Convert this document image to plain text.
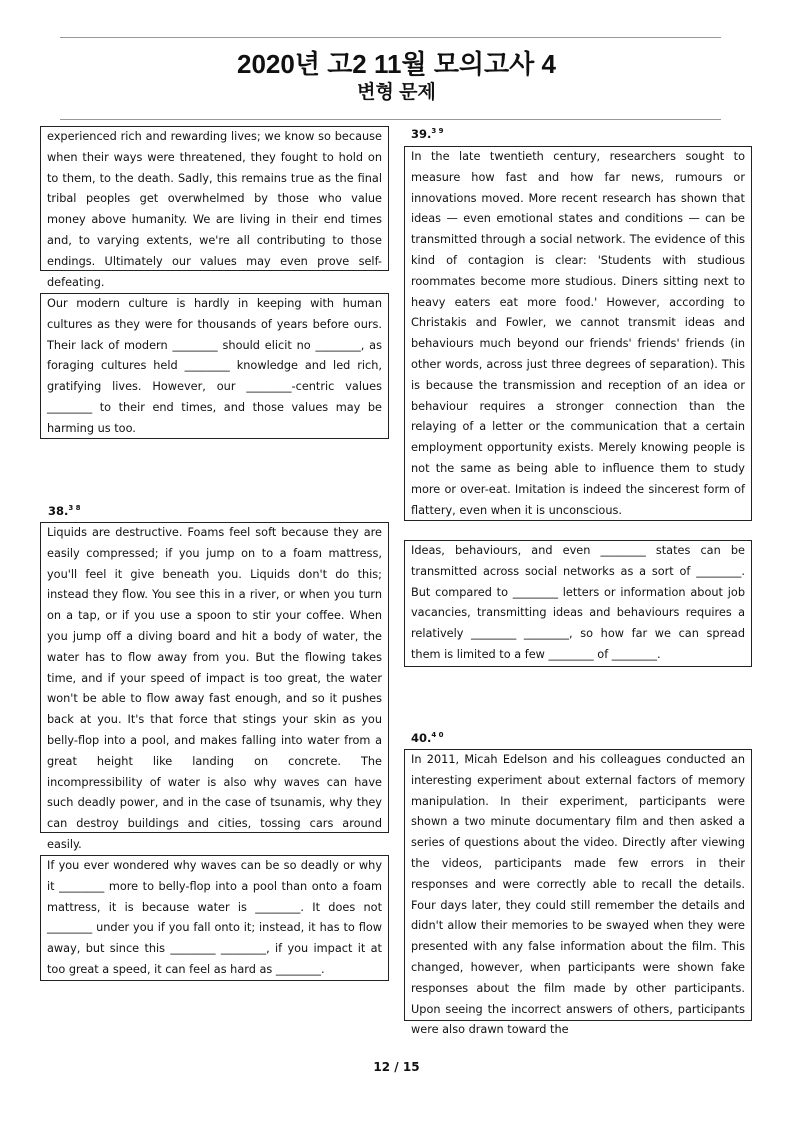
2020년 고2 11월 모의고사 4
변형 문제

experienced rich and rewarding lives; we know so because when their ways were threatened, they fought to hold on to them, to the death. Sadly, this remains true as the final tribal peoples get overwhelmed by those who value money above humanity. We are living in their end times and, to varying extents, we're all contributing to those endings. Ultimately our values may even prove self-defeating.

Our modern culture is hardly in keeping with human cultures as they were for thousands of years before ours. Their lack of modern ________ should elicit no ________, as foraging cultures held ________ knowledge and led rich, gratifying lives. However, our ________-centric values ________ to their end times, and those values may be harming us too.

38.$^{3 8}$

Liquids are destructive. Foams feel soft because they are easily compressed; if you jump on to a foam mattress, you'll feel it give beneath you. Liquids don't do this; instead they flow. You see this in a river, or when you turn on a tap, or if you use a spoon to stir your coffee. When you jump off a diving board and hit a body of water, the water has to flow away from you. But the flowing takes time, and if your speed of impact is too great, the water won't be able to flow away fast enough, and so it pushes back at you. It's that force that stings your skin as you belly-flop into a pool, and makes falling into water from a great height like landing on concrete. The incompressibility of water is also why waves can have such deadly power, and in the case of tsunamis, why they can destroy buildings and cities, tossing cars around easily.

If you ever wondered why waves can be so deadly or why it ________ more to belly-flop into a pool than onto a foam mattress, it is because water is ________. It does not ________ under you if you fall onto it; instead, it has to flow away, but since this ________ ________, if you impact it at too great a speed, it can feel as hard as ________.

39.$^{3 9}$

In the late twentieth century, researchers sought to measure how fast and how far news, rumours or innovations moved. More recent research has shown that ideas — even emotional states and conditions — can be transmitted through a social network. The evidence of this kind of contagion is clear: 'Students with studious roommates become more studious. Diners sitting next to heavy eaters eat more food.' However, according to Christakis and Fowler, we cannot transmit ideas and behaviours much beyond our friends' friends' friends (in other words, across just three degrees of separation). This is because the transmission and reception of an idea or behaviour requires a stronger connection than the relaying of a letter or the communication that a certain employment opportunity exists. Merely knowing people is not the same as being able to influence them to study more or over-eat. Imitation is indeed the sincerest form of flattery, even when it is unconscious.

Ideas, behaviours, and even ________ states can be transmitted across social networks as a sort of ________. But compared to ________ letters or information about job vacancies, transmitting ideas and behaviours requires a relatively ________ ________, so how far we can spread them is limited to a few ________ of ________.

40.$^{4 0}$

In 2011, Micah Edelson and his colleagues conducted an interesting experiment about external factors of memory manipulation. In their experiment, participants were shown a two minute documentary film and then asked a series of questions about the video. Directly after viewing the videos, participants made few errors in their responses and were correctly able to recall the details. Four days later, they could still remember the details and didn't allow their memories to be swayed when they were presented with any false information about the film. This changed, however, when participants were shown fake responses about the film made by other participants. Upon seeing the incorrect answers of others, participants were also drawn toward the

12 / 15
